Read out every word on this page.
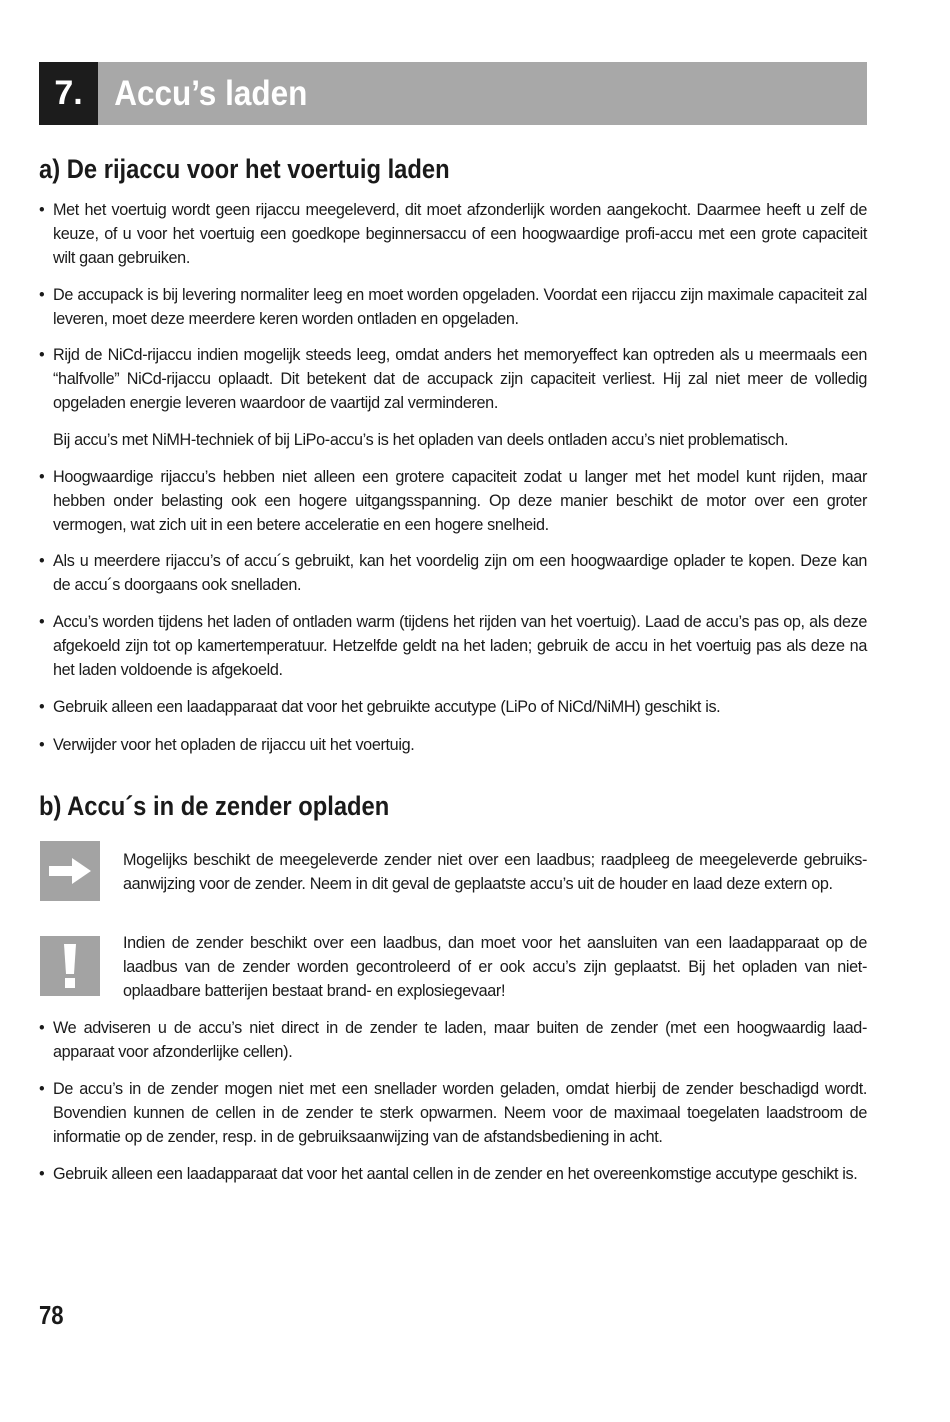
7. Accu’s laden
a) De rijaccu voor het voertuig laden
• Met het voertuig wordt geen rijaccu meegeleverd, dit moet afzonderlijk worden aangekocht. Daarmee heeft u zelf de keuze, of u voor het voertuig een goedkope beginnersaccu of een hoogwaardige profi-accu met een grote capaciteit wilt gaan gebruiken.
• De accupack is bij levering normaliter leeg en moet worden opgeladen. Voordat een rijaccu zijn maximale capaciteit zal leveren, moet deze meerdere keren worden ontladen en opgeladen.
• Rijd de NiCd-rijaccu indien mogelijk steeds leeg, omdat anders het memoryeffect kan optreden als u meermaals een “halfvolle” NiCd-rijaccu oplaadt. Dit betekent dat de accupack zijn capaciteit verliest. Hij zal niet meer de volledig opgeladen energie leveren waardoor de vaartijd zal verminderen.
Bij accu’s met NiMH-techniek of bij LiPo-accu’s is het opladen van deels ontladen accu’s niet problematisch.
• Hoogwaardige rijaccu’s hebben niet alleen een grotere capaciteit zodat u langer met het model kunt rijden, maar hebben onder belasting ook een hogere uitgangsspanning. Op deze manier beschikt de motor over een groter vermogen, wat zich uit in een betere acceleratie en een hogere snelheid.
• Als u meerdere rijaccu’s of accu´s gebruikt, kan het voordelig zijn om een hoogwaardige oplader te kopen. Deze kan de accu´s doorgaans ook snelladen.
• Accu’s worden tijdens het laden of ontladen warm (tijdens het rijden van het voertuig). Laad de accu’s pas op, als deze afgekoeld zijn tot op kamertemperatuur. Hetzelfde geldt na het laden; gebruik de accu in het voertuig pas als deze na het laden voldoende is afgekoeld.
• Gebruik alleen een laadapparaat dat voor het gebruikte accutype (LiPo of NiCd/NiMH) geschikt is.
• Verwijder voor het opladen de rijaccu uit het voertuig.
b) Accu´s in de zender opladen
Mogelijks beschikt de meegeleverde zender niet over een laadbus; raadpleeg de meegeleverde gebruiks-aanwijzing voor de zender. Neem in dit geval de geplaatste accu’s uit de houder en laad deze extern op.
Indien de zender beschikt over een laadbus, dan moet voor het aansluiten van een laadapparaat op de laadbus van de zender worden gecontroleerd of er ook accu’s zijn geplaatst. Bij het opladen van niet-oplaadbare batterijen bestaat brand- en explosiegevaar!
• We adviseren u de accu’s niet direct in de zender te laden, maar buiten de zender (met een hoogwaardig laad-apparaat voor afzonderlijke cellen).
• De accu’s in de zender mogen niet met een snellader worden geladen, omdat hierbij de zender beschadigd wordt. Bovendien kunnen de cellen in de zender te sterk opwarmen. Neem voor de maximaal toegelaten laadstroom de informatie op de zender, resp. in de gebruiksaanwijzing van de afstandsbediening in acht.
• Gebruik alleen een laadapparaat dat voor het aantal cellen in de zender en het overeenkomstige accutype geschikt is.
78
